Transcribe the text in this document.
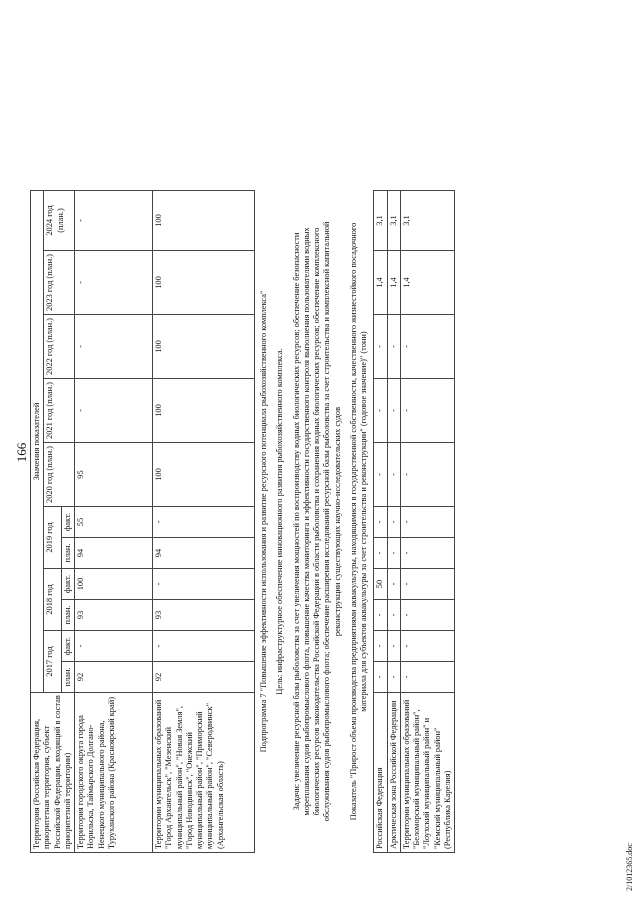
166
Территория (Российская Федерация, приоритетная территория, субъект Российской Федерации, входящий в состав приоритетной территории)	Значения показателей										
	2017 год		2018 год		2019 год		2020 год (план.)	2021 год (план.)	2022 год (план.)	2023 год (план.)	2024 год (план.)
	план.	факт.	план.	факт.	план.	факт.					
Территория городского округа города Норильска, Таймырского Долгано-Ненецкого муниципального района, Туруханского района (Красноярский край)	92	-	93	100	94	55	95	-	-	-	-
Территории муниципальных образований "Город Архангельск", "Мезенский муниципальный район", "Новая Земля", "Город Новодвинск", "Онежский муниципальный район", "Приморский муниципальный район", "Северодвинск" (Архангельская область)	92	-	93	-	94	-	100	100	100	100	100

Подпрограмма 7 "Повышение эффективности использования и развитие ресурсного потенциала рыбохозяйственного комплекса" Цель: инфраструктурное обеспечение инновационного развития рыбохозяйственного комплекса. Задачи: увеличение ресурсной базы рыболовства за счет увеличения мощностей по воспроизводству водных биологических ресурсов; обеспечение безопасности мореплавания судов рыбопромыслового флота, повышение качества мониторинга и эффективности государственного контроля выполнения пользователями водных биологических ресурсов законодательства Российской Федерации в области рыболовства и сохранения водных биологических ресурсов; обеспечение комплексного обслуживания судов рыбопромыслового флота; обеспечение расширения исследований ресурсной базы рыболовства за счет строительства и комплексной капитальной реконструкции существующих научно-исследовательских судов Показатель "Прирост объема производства предприятиями аквакультуры, находящимися в государственной собственности, качественного жизнестойкого посадочного материала для субъектов аквакультуры за счет строительства и реконструкции" (годовое значение)" (тонн)											

Российская Федерация	-	-	-	50	-	-	-	-	-	1,4	3,1
Арктическая зона Российской Федерации	-	-	-	-	-	-	-	-	-	1,4	3,1
Территории муниципальных образований "Беломорский муниципальный район", "Лоухский муниципальный район" и "Кемский муниципальный район" (Республика Карелия)	-	-	-	-	-	-	-	-	-	1,4	3,1
2/1012365.doc
